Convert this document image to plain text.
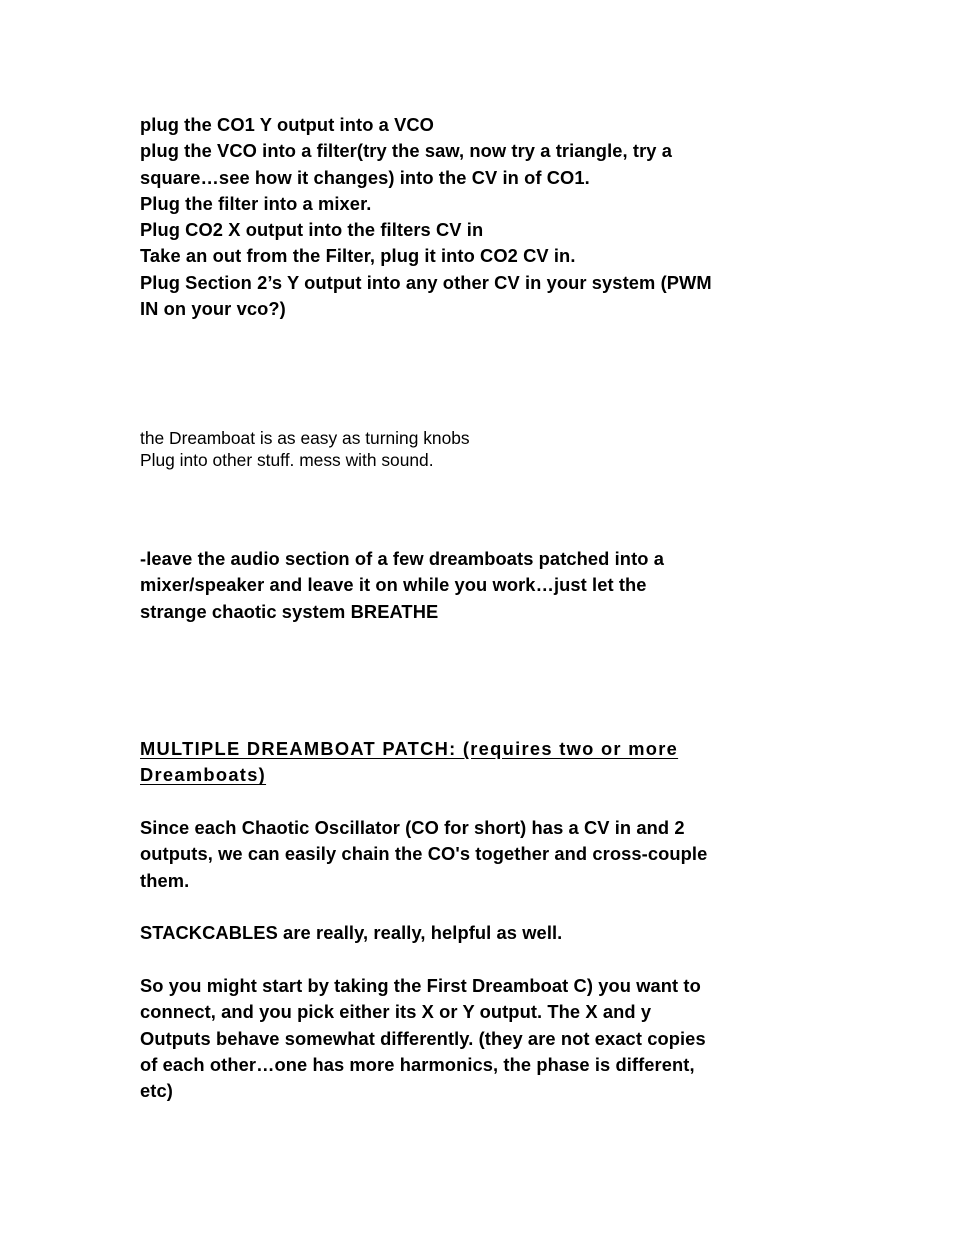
plug the CO1 Y output into a VCO
plug the VCO into a filter(try the saw, now try a triangle, try a
square…see how it changes) into the CV in of CO1.
Plug the filter into a mixer.
Plug CO2 X output into the filters CV in
Take an out from the Filter, plug it into CO2 CV in.
Plug Section 2’s Y output into any other CV in your system (PWM
IN on your vco?)
the Dreamboat is as easy as turning knobs
Plug into other stuff. mess with sound.
-leave the audio section of a few dreamboats patched into a
mixer/speaker and leave it on while you work…just let the
strange chaotic system BREATHE
MULTIPLE DREAMBOAT PATCH: (requires two or more
Dreamboats)
Since each Chaotic Oscillator (CO for short) has a CV in and 2
outputs, we can easily chain the CO's together and cross-couple
them.
STACKCABLES are really, really, helpful as well.
So you might start by taking the First Dreamboat C) you want to
connect, and you pick either its X or Y output. The X and y
Outputs behave somewhat differently. (they are not exact copies
of each other…one has more harmonics, the phase is different,
etc)
